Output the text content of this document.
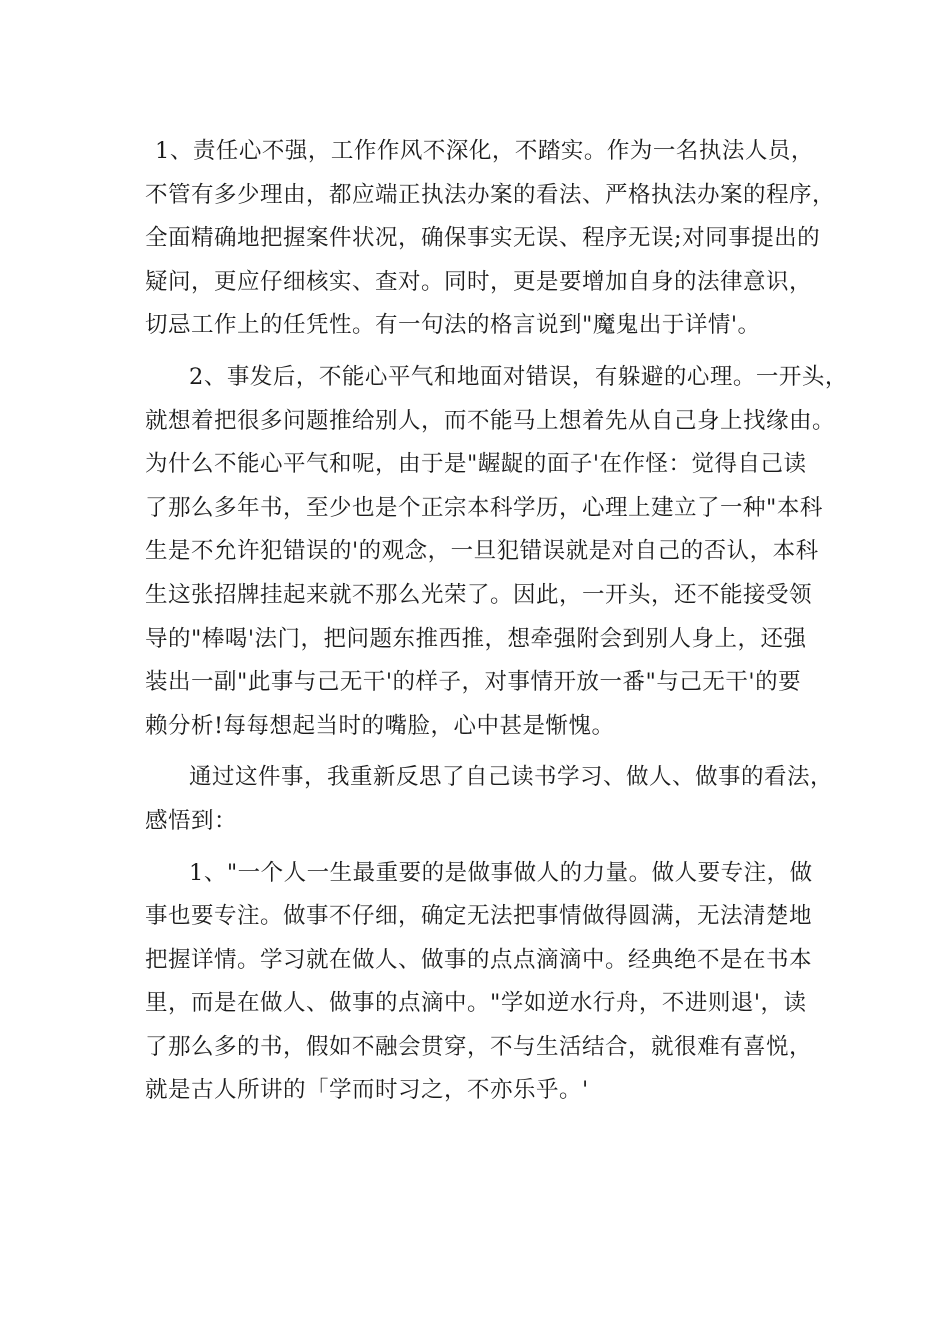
1、责任心不强，工作作风不深化，不踏实。作为一名执法人员，
不管有多少理由，都应端正执法办案的看法、严格执法办案的程序，
全面精确地把握案件状况，确保事实无误、程序无误;对同事提出的
疑问，更应仔细核实、查对。同时，更是要增加自身的法律意识，
切忌工作上的任凭性。有一句法的格言说到"魔鬼出于详情'。
2、事发后，不能心平气和地面对错误，有躲避的心理。一开头，
就想着把很多问题推给别人，而不能马上想着先从自己身上找缘由。
为什么不能心平气和呢，由于是"龌龊的面子'在作怪：觉得自己读
了那么多年书，至少也是个正宗本科学历，心理上建立了一种"本科
生是不允许犯错误的'的观念，一旦犯错误就是对自己的否认，本科
生这张招牌挂起来就不那么光荣了。因此，一开头，还不能接受领
导的"棒喝'法门，把问题东推西推，想牵强附会到别人身上，还强
装出一副"此事与己无干'的样子，对事情开放一番"与己无干'的要
赖分析!每每想起当时的嘴脸，心中甚是惭愧。
通过这件事，我重新反思了自己读书学习、做人、做事的看法，
感悟到：
1、"一个人一生最重要的是做事做人的力量。做人要专注，做
事也要专注。做事不仔细，确定无法把事情做得圆满，无法清楚地
把握详情。学习就在做人、做事的点点滴滴中。经典绝不是在书本
里，而是在做人、做事的点滴中。"学如逆水行舟，不进则退'，读
了那么多的书，假如不融会贯穿，不与生活结合，就很难有喜悦，
就是古人所讲的「学而时习之，不亦乐乎。'
